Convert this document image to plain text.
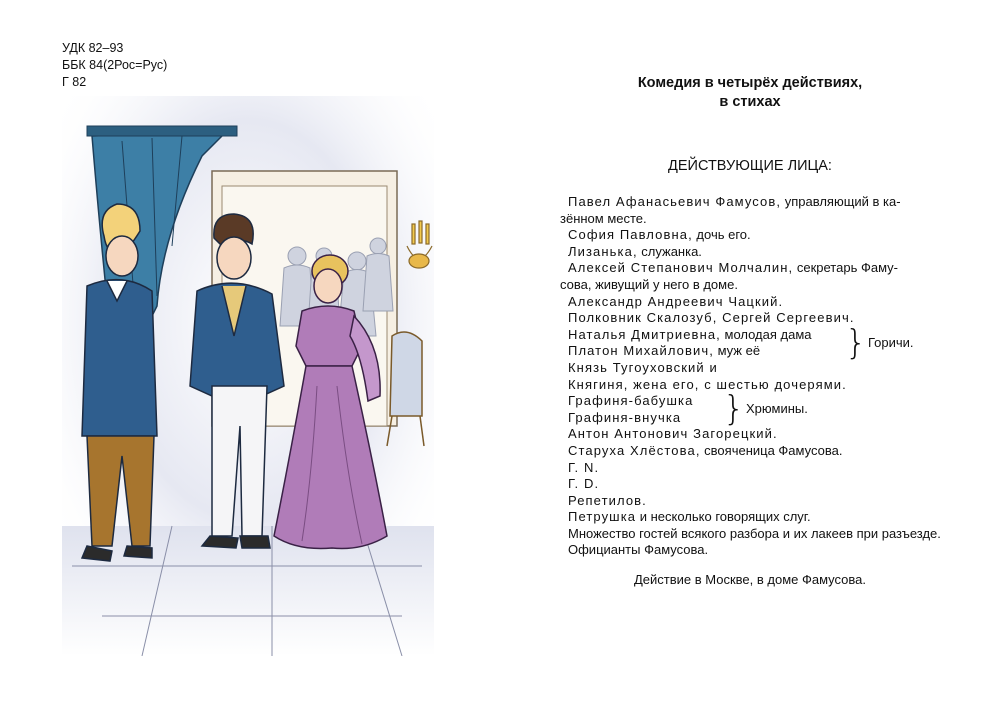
УДК 82–93
ББК 84(2Рос=Рус)
Г 82	Комедия в четырёх действиях,
в стихах
ДЕЙСТВУЮЩИЕ ЛИЦА:
Павел Афанасьевич Фамусов, управляющий в ка-
зённом месте.
София Павловна, дочь его.
Лизанька, служанка.
Алексей Степанович Молчалин, секретарь Фаму-
сова, живущий у него в доме.
Александр Андреевич Чацкий.
Полковник Скалозуб, Сергей Сергеевич.
Наталья Дмитриевна, молодая дама
Платон Михайлович, муж её	} Горичи.
Князь Тугоуховский и
Княгиня, жена его, с шестью дочерями.
Графиня-бабушка
Графиня-внучка	} Хрюмины.
Антон Антонович Загорецкий.
Старуха Хлёстова, свояченица Фамусова.
Г. N.
Г. D.
Репетилов.
Петрушка и несколько говорящих слуг.
Множество гостей всякого разбора и их лакеев при разъезде.
Официанты Фамусова.
Действие в Москве, в доме Фамусова.
